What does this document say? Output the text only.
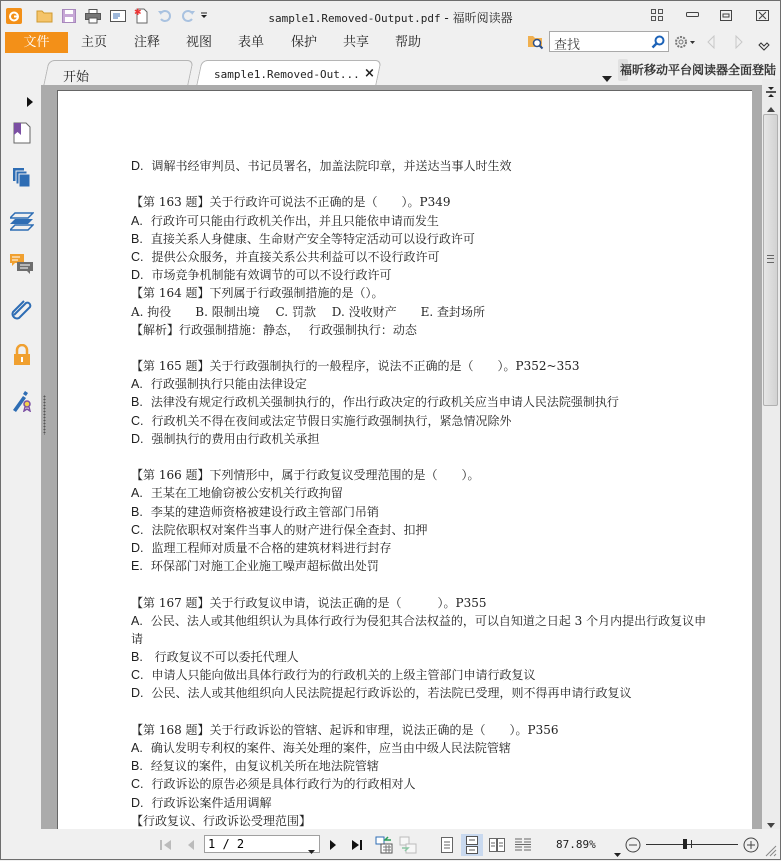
✱	sample1.Removed-Output.pdf - 福昕阅读器
文件	主页 注释 视图 表单 保护 共享 帮助	查找
开始	sample1.Removed-Out... ×	福昕移动平台阅读器全面登陆
D. 调解书经审判员、书记员署名，加盖法院印章，并送达当事人时生效
【第 163 题】关于行政许可说法不正确的是（　　）。P349
A. 行政许可只能由行政机关作出，并且只能依申请而发生
B. 直接关系人身健康、生命财产安全等特定活动可以设行政许可
C. 提供公众服务，并直接关系公共利益可以不设行政许可
D. 市场竞争机制能有效调节的可以不设行政许可
【第 164 题】下列属于行政强制措施的是（）。
A. 拘役　　B. 限制出境　 C. 罚款　 D. 没收财产　　E. 查封场所
【解析】行政强制措施：静态，　 行政强制执行：动态
【第 165 题】关于行政强制执行的一般程序，说法不正确的是（　　）。P352~353
A. 行政强制执行只能由法律设定
B. 法律没有规定行政机关强制执行的，作出行政决定的行政机关应当申请人民法院强制执行
C. 行政机关不得在夜间或法定节假日实施行政强制执行，紧急情况除外
D. 强制执行的费用由行政机关承担
【第 166 题】下列情形中，属于行政复议受理范围的是（　　）。
A. 王某在工地偷窃被公安机关行政拘留
B. 李某的建造师资格被建设行政主管部门吊销
C. 法院依职权对案件当事人的财产进行保全查封、扣押
D. 监理工程师对质量不合格的建筑材料进行封存
E. 环保部门对施工企业施工噪声超标做出处罚
【第 167 题】关于行政复议申请，说法正确的是（　　　）。P355
A. 公民、法人或其他组织认为具体行政行为侵犯其合法权益的，可以自知道之日起 3 个月内提出行政复议申
请
B. 行政复议不可以委托代理人
C. 申请人只能向做出具体行政行为的行政机关的上级主管部门申请行政复议
D. 公民、法人或其他组织向人民法院提起行政诉讼的，若法院已受理，则不得再申请行政复议
【第 168 题】关于行政诉讼的管辖、起诉和审理，说法正确的是（　　）。P356
A. 确认发明专利权的案件、海关处理的案件，应当由中级人民法院管辖
B. 经复议的案件，由复议机关所在地法院管辖
C. 行政诉讼的原告必须是具体行政行为的行政相对人
D. 行政诉讼案件适用调解
【行政复议、行政诉讼受理范围】
1 / 2	87.89%
